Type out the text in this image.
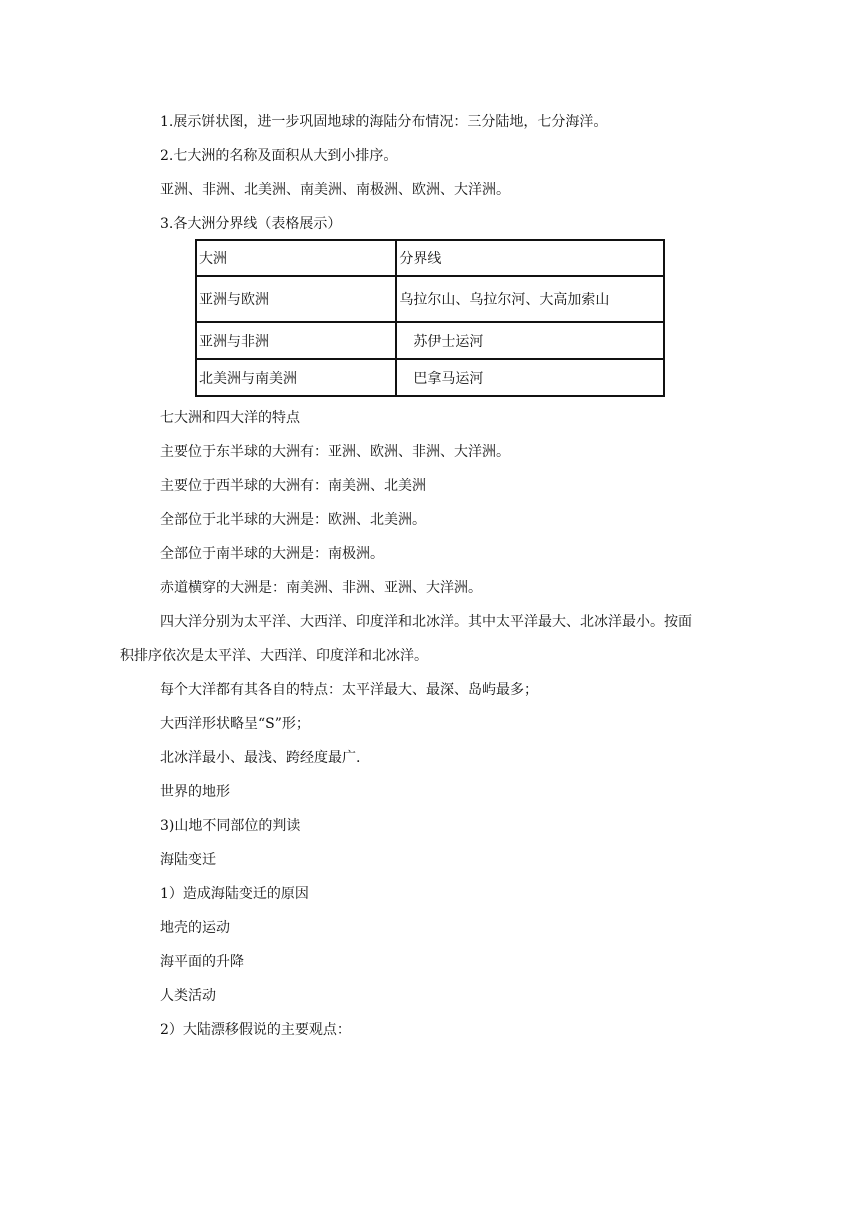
1.展示饼状图，进一步巩固地球的海陆分布情况：三分陆地，七分海洋。
2.七大洲的名称及面积从大到小排序。
亚洲、非洲、北美洲、南美洲、南极洲、欧洲、大洋洲。
3.各大洲分界线（表格展示）
大洲	分界线
亚洲与欧洲	乌拉尔山、乌拉尔河、大高加索山
亚洲与非洲	苏伊士运河
北美洲与南美洲	巴拿马运河
七大洲和四大洋的特点
主要位于东半球的大洲有：亚洲、欧洲、非洲、大洋洲。
主要位于西半球的大洲有：南美洲、北美洲
全部位于北半球的大洲是：欧洲、北美洲。
全部位于南半球的大洲是：南极洲。
赤道横穿的大洲是：南美洲、非洲、亚洲、大洋洲。
四大洋分别为太平洋、大西洋、印度洋和北冰洋。其中太平洋最大、北冰洋最小。按面
积排序依次是太平洋、大西洋、印度洋和北冰洋。
每个大洋都有其各自的特点：太平洋最大、最深、岛屿最多；
大西洋形状略呈“S”形；
北冰洋最小、最浅、跨经度最广.
世界的地形
3)山地不同部位的判读
海陆变迁
1）造成海陆变迁的原因
地壳的运动
海平面的升降
人类活动
2）大陆漂移假说的主要观点：
